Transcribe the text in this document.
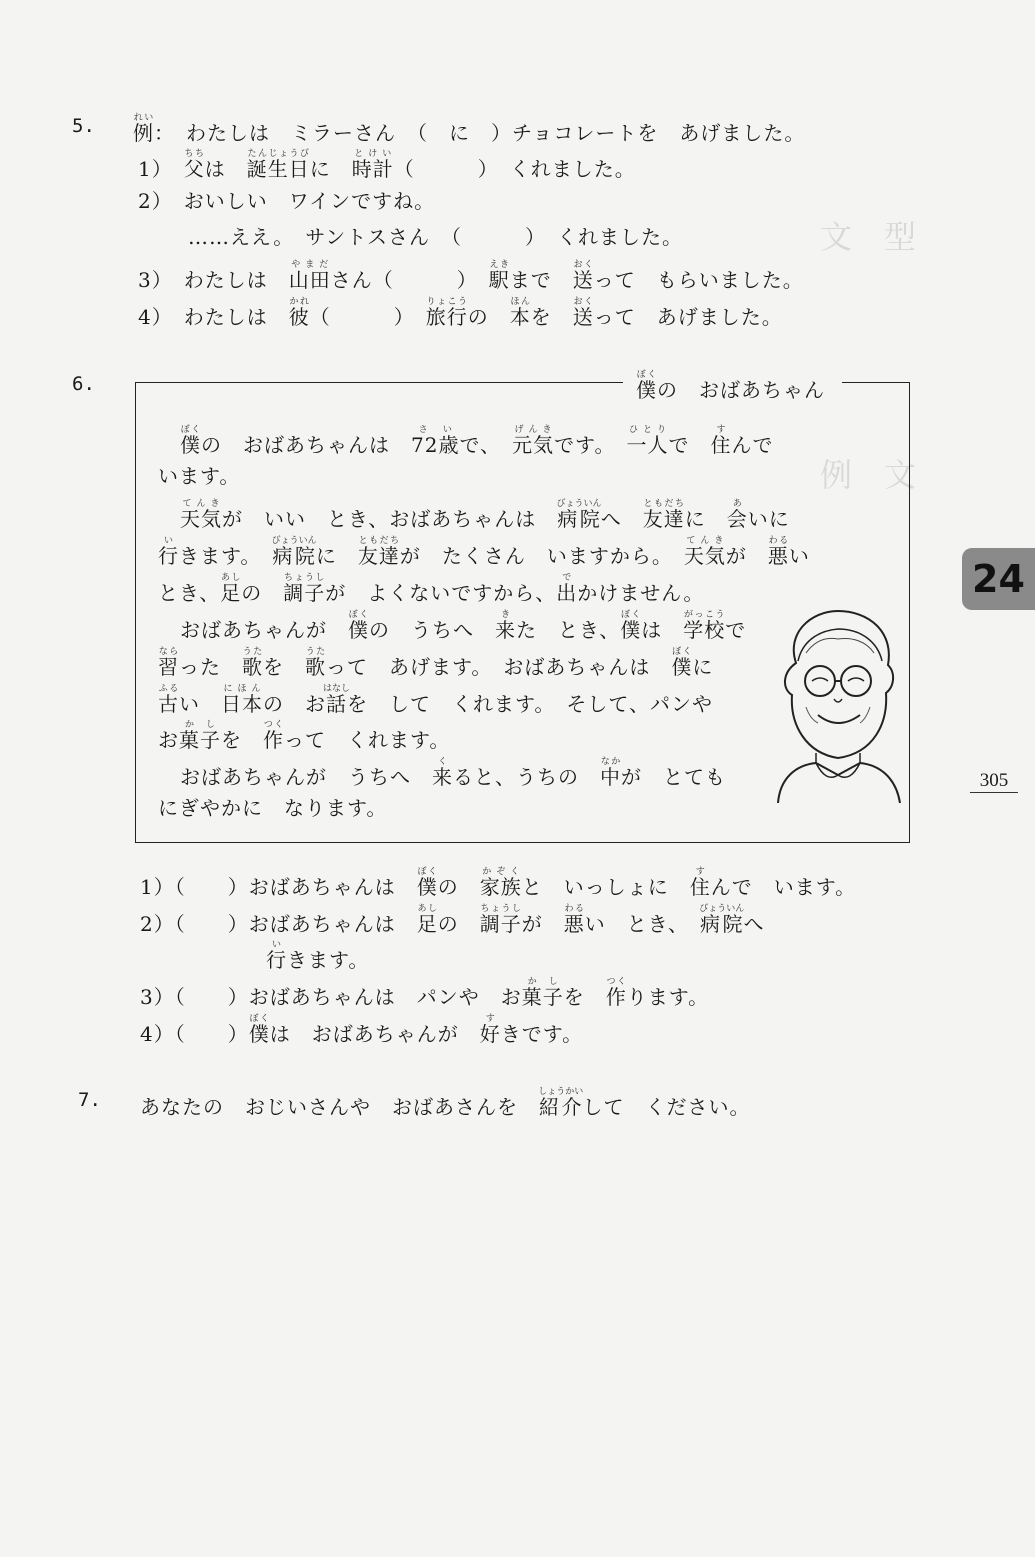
文　型
例　文
5. 例れい：　わたしは　ミラーさん　（　に　）チョコレートを　あげました。
1）　父ちちは　誕生日たんじょうびに　時計とけい（　　　）　くれました。
2）　おいしい　ワインですね。
……ええ。　サントスさん　（　　　）　くれました。
3）　わたしは　山田やまださん（　　　）　駅えきまで　送おくって　もらいました。
4）　わたしは　彼かれ（　　　）　旅行りょこうの　本ほんを　送おくって　あげました。
6.	僕ぼくの　おばあちゃん
僕ぼくの　おばあちゃんは　72歳さいで、　元気げんきです。　一人ひとりで　住すんで
います。
天気てんきが　いい　とき、おばあちゃんは　病院びょういんへ　友達ともだちに　会あいに
行いきます。　病院びょういんに　友達ともだちが　たくさん　いますから。　天気てんきが　悪わるい
とき、足あしの　調子ちょうしが　よくないですから、出でかけません。
おばあちゃんが　僕ぼくの　うちへ　来きた　とき、僕ぼくは　学校がっこうで
習ならった　歌うたを　歌うたって　あげます。　おばあちゃんは　僕ぼくに
古ふるい　日本にほんの　お話はなしを　して　くれます。　そして、パンや
お菓子かしを　作つくって　くれます。
おばあちゃんが　うちへ　来くると、うちの　中なかが　とても
にぎやかに　なります。
1）（　　）おばあちゃんは　僕ぼくの　家族かぞくと　いっしょに　住すんで　います。
2）（　　）おばあちゃんは　足あしの　調子ちょうしが　悪わるい　とき、　病院びょういんへ
行いきます。
3）（　　）おばあちゃんは　パンや　お菓子かしを　作つくります。
4）（　　）僕ぼくは　おばあちゃんが　好すきです。
7. あなたの　おじいさんや　おばあさんを　紹介しょうかいして　ください。
24
305
